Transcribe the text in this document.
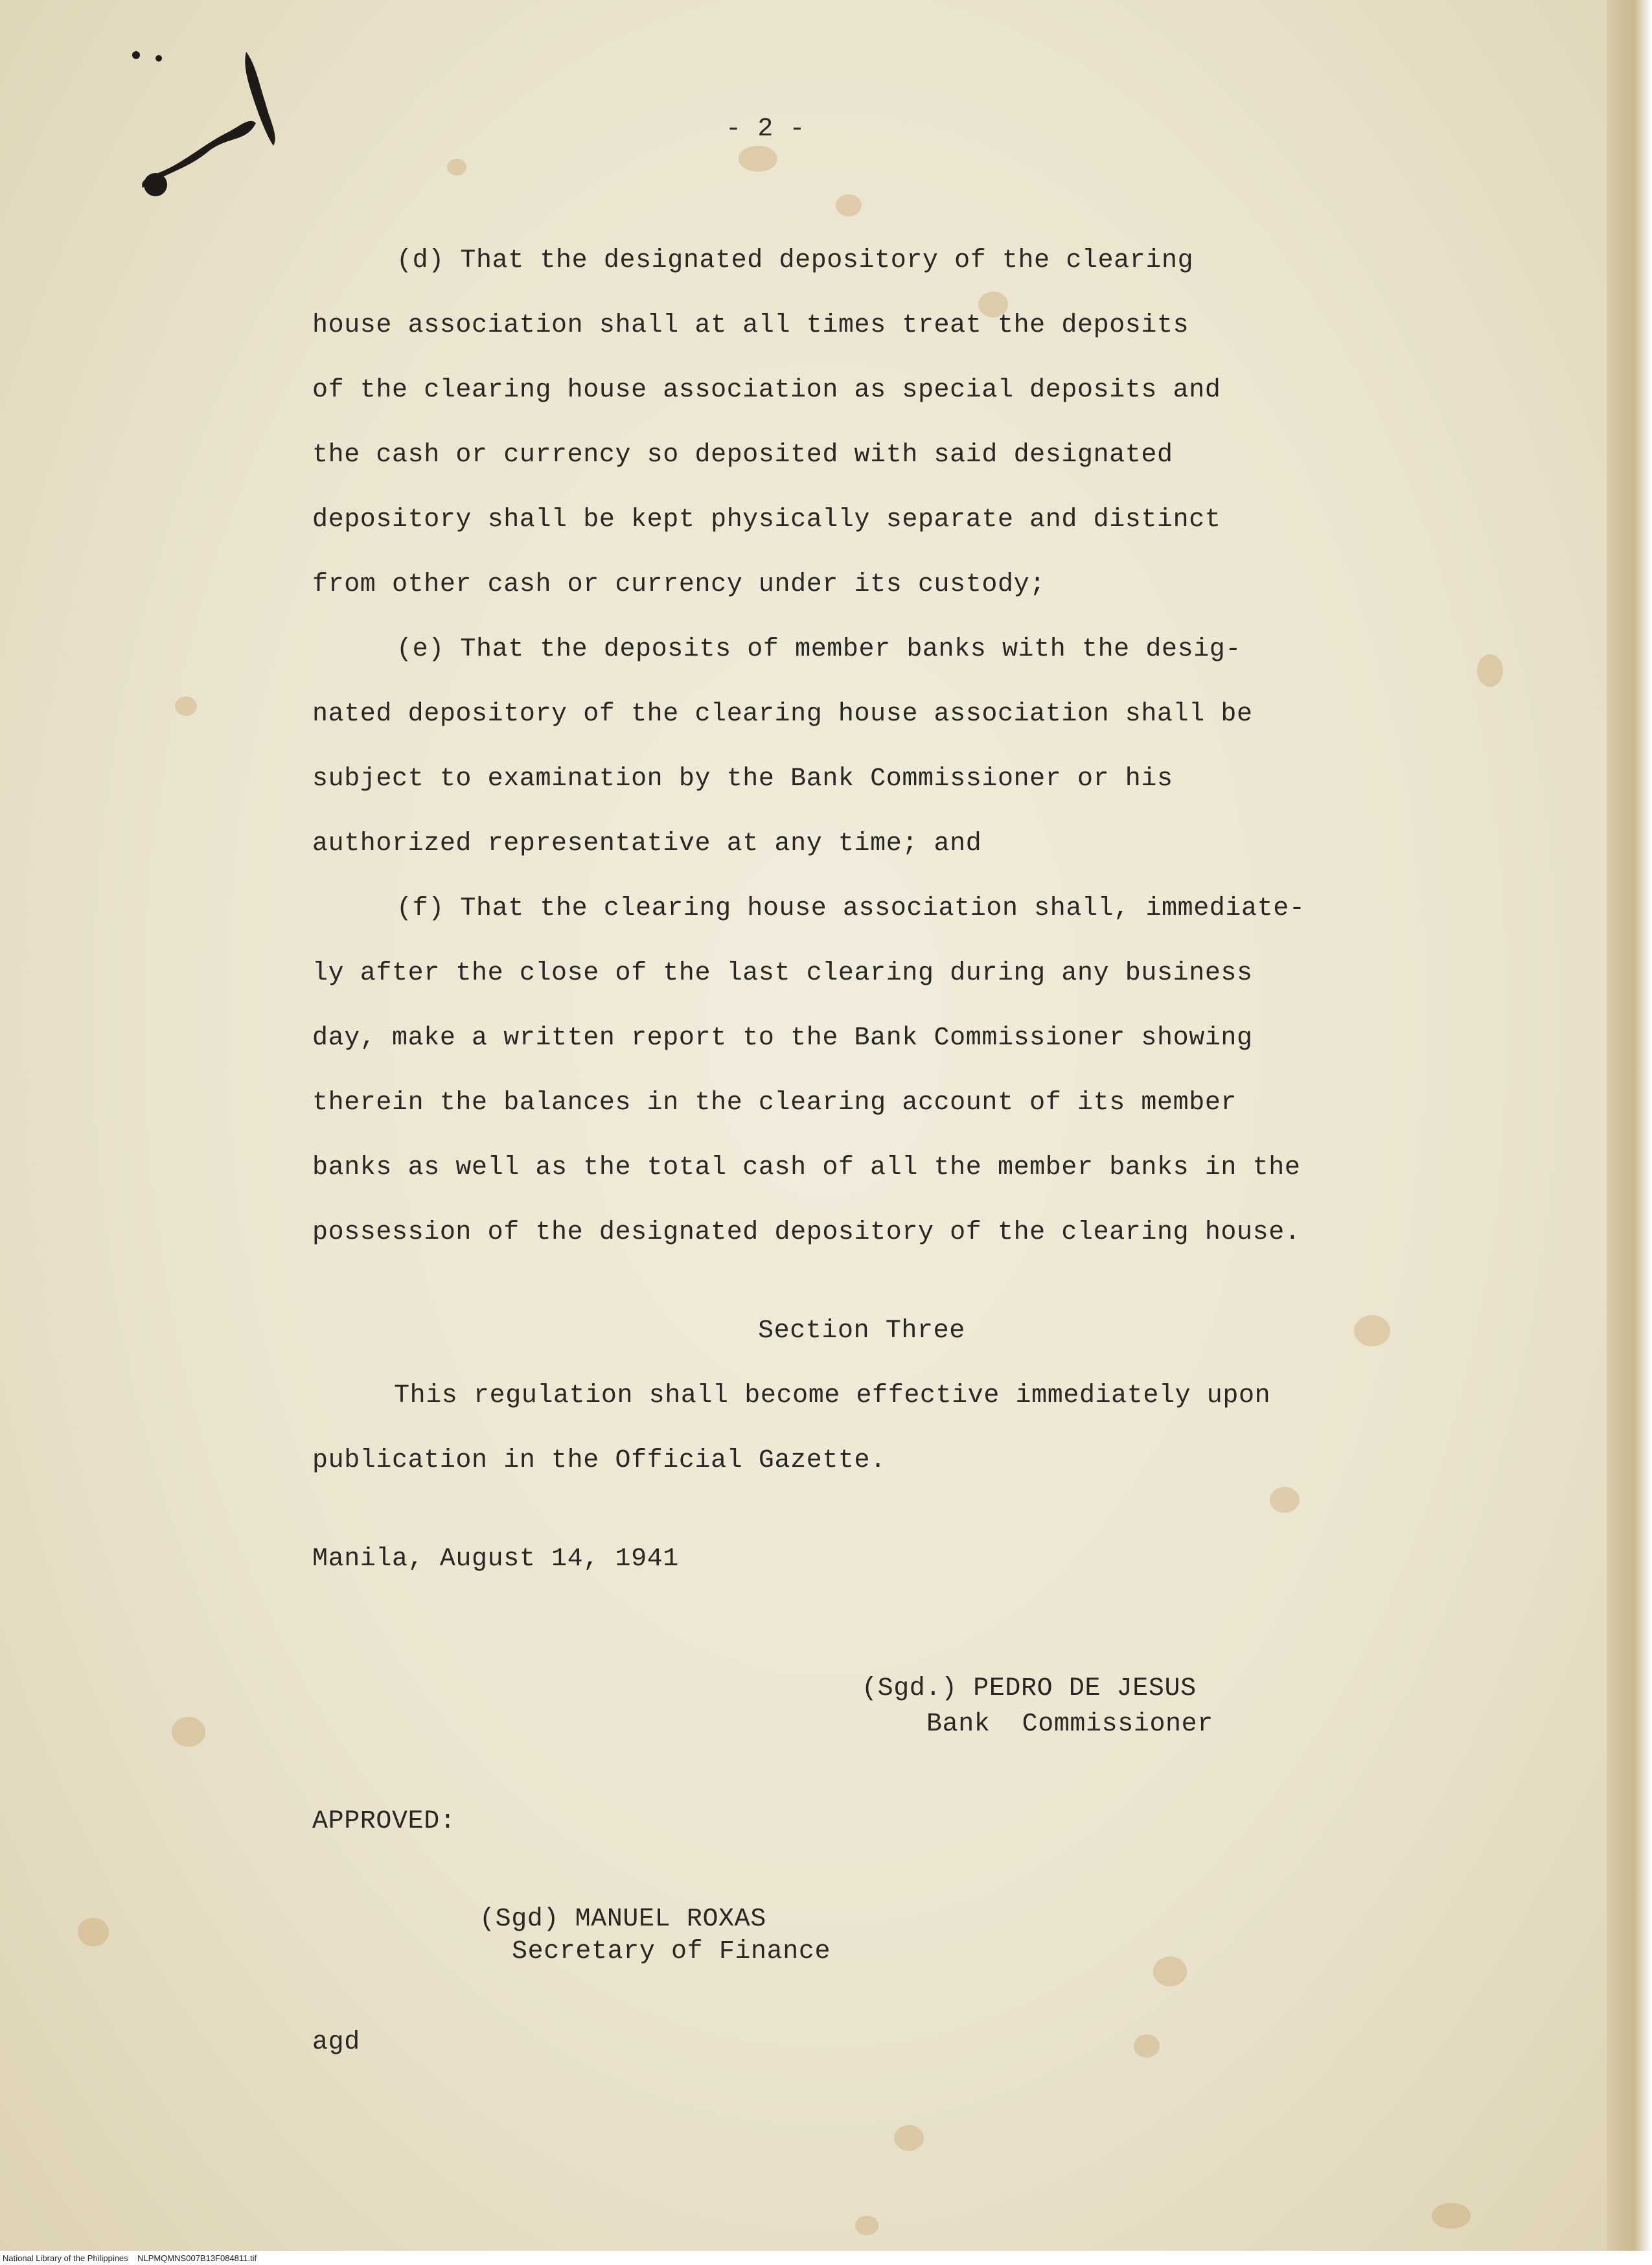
- 2 -
(d) That the designated depository of the clearing
house association shall at all times treat the deposits
of the clearing house association as special deposits and
the cash or currency so deposited with said designated
depository shall be kept physically separate and distinct
from other cash or currency under its custody;
(e) That the deposits of member banks with the desig-
nated depository of the clearing house association shall be
subject to examination by the Bank Commissioner or his
authorized representative at any time; and
(f) That the clearing house association shall, immediate-
ly after the close of the last clearing during any business
day, make a written report to the Bank Commissioner showing
therein the balances in the clearing account of its member
banks as well as the total cash of all the member banks in the
possession of the designated depository of the clearing house.
Section Three
This regulation shall become effective immediately upon
publication in the Official Gazette.
Manila, August 14, 1941
(Sgd.) PEDRO DE JESUS
Bank  Commissioner
APPROVED:
(Sgd) MANUEL ROXAS
Secretary of Finance
agd
National Library of the Philippines    NLPMQMNS007B13F084811.tif
